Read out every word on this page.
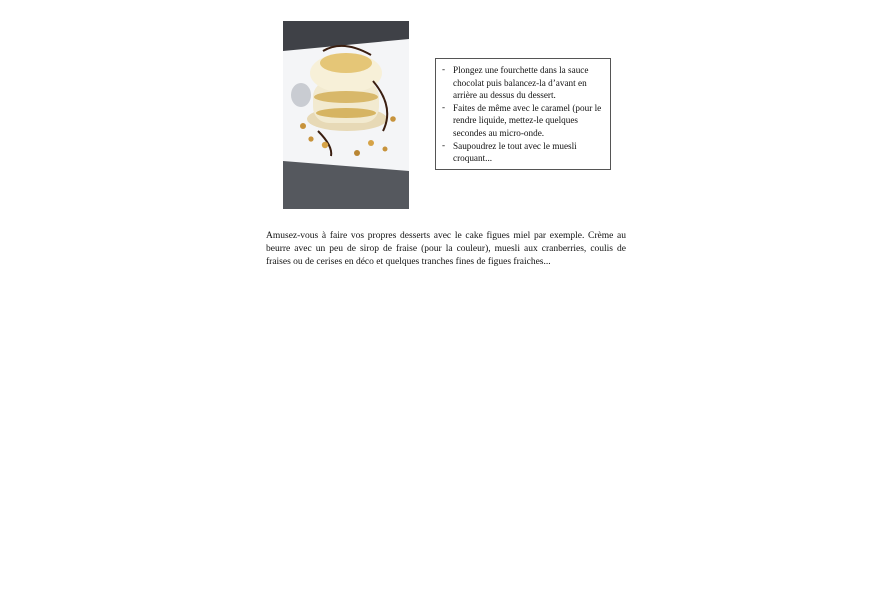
- Plongez une fourchette dans la sauce chocolat puis balancez-la d’avant en arrière au dessus du dessert.
- Faites de même avec le caramel (pour le rendre liquide, mettez-le quelques secondes au micro-onde.
- Saupoudrez le tout avec le muesli croquant...

Amusez-vous à faire vos propres desserts avec le cake figues miel par exemple. Crème au beurre avec un peu de sirop de fraise (pour la couleur), muesli aux cranberries, coulis de fraises ou de cerises en déco et quelques tranches fines de figues fraiches...
